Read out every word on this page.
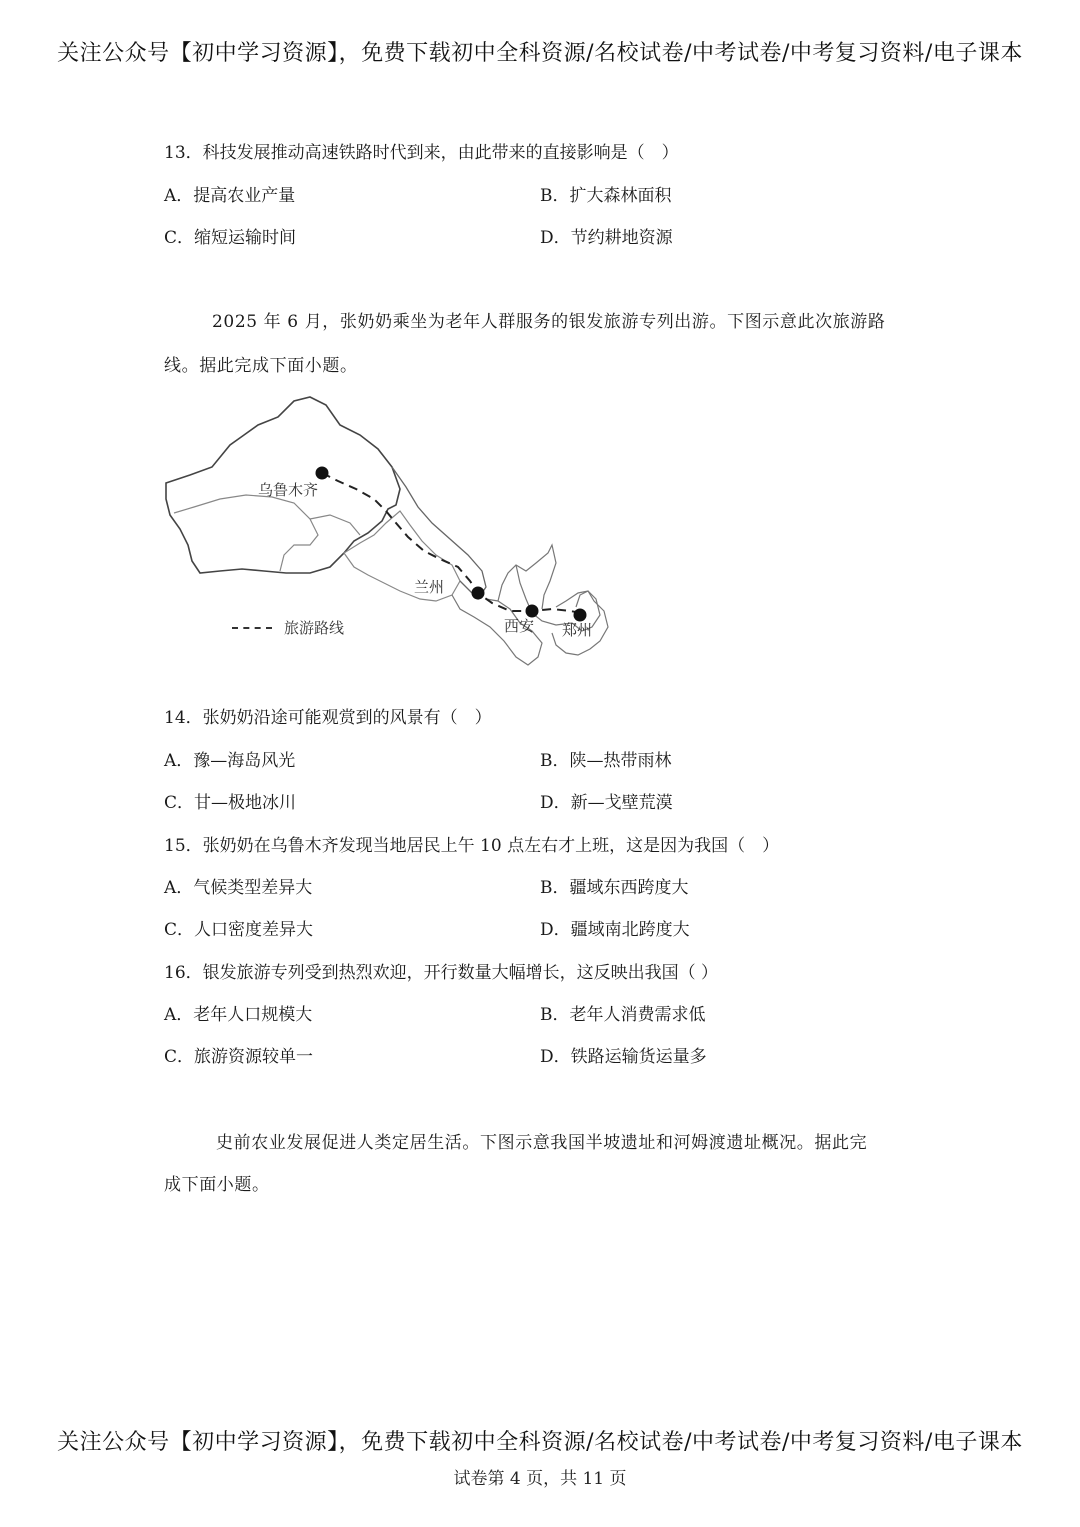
关注公众号【初中学习资源】，免费下载初中全科资源/名校试卷/中考试卷/中考复习资料/电子课本
13．科技发展推动高速铁路时代到来，由此带来的直接影响是（　）
A．提高农业产量	B．扩大森林面积
C．缩短运输时间	D．节约耕地资源
2025 年 6 月，张奶奶乘坐为老年人群服务的银发旅游专列出游。下图示意此次旅游路
线。据此完成下面小题。
乌鲁木齐
兰州
西安 郑州
旅游路线
14．张奶奶沿途可能观赏到的风景有（　）
A．豫—海岛风光	B．陕—热带雨林
C．甘—极地冰川	D．新—戈壁荒漠
15．张奶奶在乌鲁木齐发现当地居民上午 10 点左右才上班，这是因为我国（　）
A．气候类型差异大	B．疆域东西跨度大
C．人口密度差异大	D．疆域南北跨度大
16．银发旅游专列受到热烈欢迎，开行数量大幅增长，这反映出我国（ ）
A．老年人口规模大	B．老年人消费需求低
C．旅游资源较单一	D．铁路运输货运量多
史前农业发展促进人类定居生活。下图示意我国半坡遗址和河姆渡遗址概况。据此完
成下面小题。
关注公众号【初中学习资源】，免费下载初中全科资源/名校试卷/中考试卷/中考复习资料/电子课本
试卷第 4 页，共 11 页
